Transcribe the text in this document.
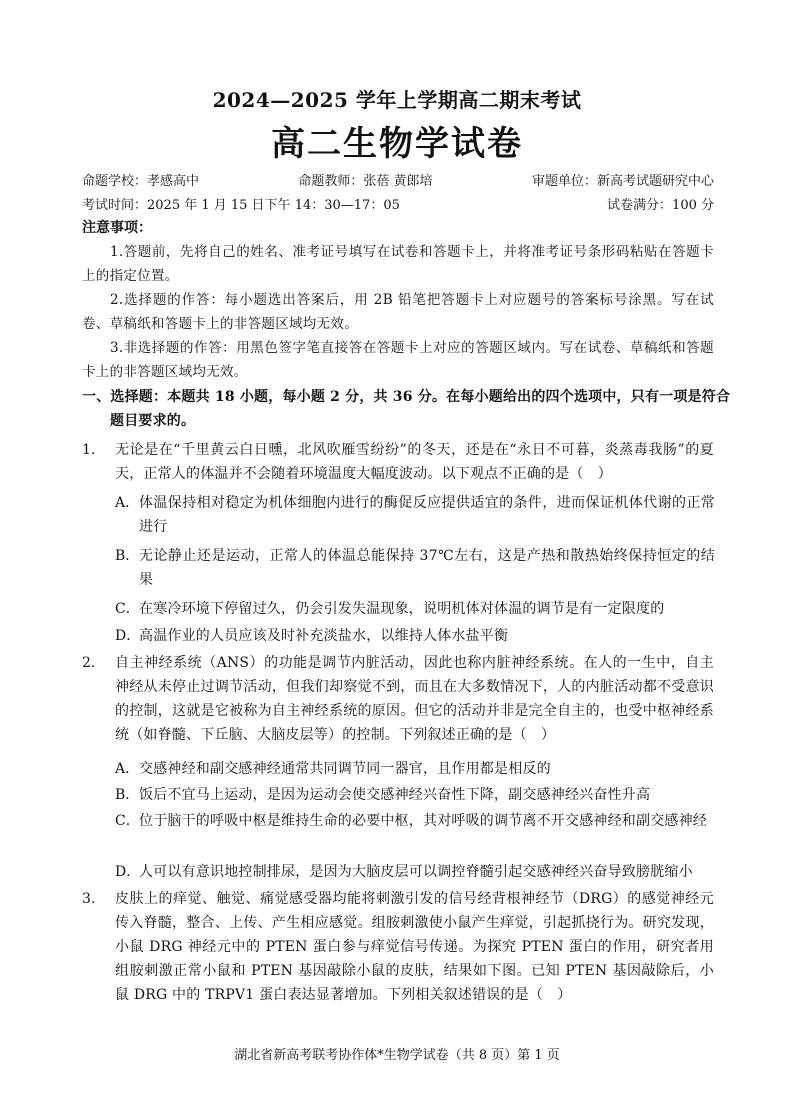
2024—2025 学年上学期高二期末考试
高二生物学试卷
命题学校：孝感高中	命题教师：张蓓 黄郎培	审题单位：新高考试题研究中心
考试时间：2025 年 1 月 15 日下午 14：30—17：05	试卷满分：100 分
注意事项：
1.答题前，先将自己的姓名、准考证号填写在试卷和答题卡上，并将准考证号条形码粘贴在答题卡上的指定位置。
2.选择题的作答：每小题选出答案后，用 2B 铅笔把答题卡上对应题号的答案标号涂黑。写在试卷、草稿纸和答题卡上的非答题区域均无效。
3.非选择题的作答：用黑色签字笔直接答在答题卡上对应的答题区域内。写在试卷、草稿纸和答题卡上的非答题区域均无效。
一、选择题：本题共 18 小题，每小题 2 分，共 36 分。在每小题给出的四个选项中，只有一项是符合题目要求的。
1. 无论是在“千里黄云白日曛，北风吹雁雪纷纷”的冬天，还是在“永日不可暮，炎蒸毒我肠”的夏天，正常人的体温并不会随着环境温度大幅度波动。以下观点不正确的是（　）
A． 体温保持相对稳定为机体细胞内进行的酶促反应提供适宜的条件，进而保证机体代谢的正常进行
B． 无论静止还是运动，正常人的体温总能保持 37℃左右，这是产热和散热始终保持恒定的结果
C． 在寒冷环境下停留过久，仍会引发失温现象，说明机体对体温的调节是有一定限度的
D．
高温作业的人员应该及时补充淡盐水，以维持人体水盐平衡
2. 自主神经系统（ANS）的功能是调节内脏活动，因此也称内脏神经系统。在人的一生中，自主神经从未停止过调节活动，但我们却察觉不到，而且在大多数情况下，人的内脏活动都不受意识的控制，这就是它被称为自主神经系统的原因。但它的活动并非是完全自主的，也受中枢神经系统（如脊髓、下丘脑、大脑皮层等）的控制。下列叙述正确的是（　）
A． 交感神经和副交感神经通常共同调节同一器官，且作用都是相反的
B． 饭后不宜马上运动，是因为运动会使交感神经兴奋性下降，副交感神经兴奋性升高
C． 位于脑干的呼吸中枢是维持生命的必要中枢，其对呼吸的调节离不开交感神经和副交感神经
D．
人可以有意识地控制排尿，是因为大脑皮层可以调控脊髓引起交感神经兴奋导致膀胱缩小
3. 皮肤上的痒觉、触觉、痛觉感受器均能将刺激引发的信号经背根神经节（DRG）的感觉神经元传入脊髓，整合、上传、产生相应感觉。组胺刺激使小鼠产生痒觉，引起抓挠行为。研究发现，小鼠 DRG 神经元中的 PTEN 蛋白参与痒觉信号传递。为探究 PTEN 蛋白的作用，研究者用组胺刺激正常小鼠和 PTEN 基因敲除小鼠的皮肤，结果如下图。已知 PTEN 基因敲除后，小鼠 DRG 中的 TRPV1 蛋白表达显著增加。下列相关叙述错误的是（　）
湖北省新高考联考协作体*生物学试卷（共 8 页）第 1 页
